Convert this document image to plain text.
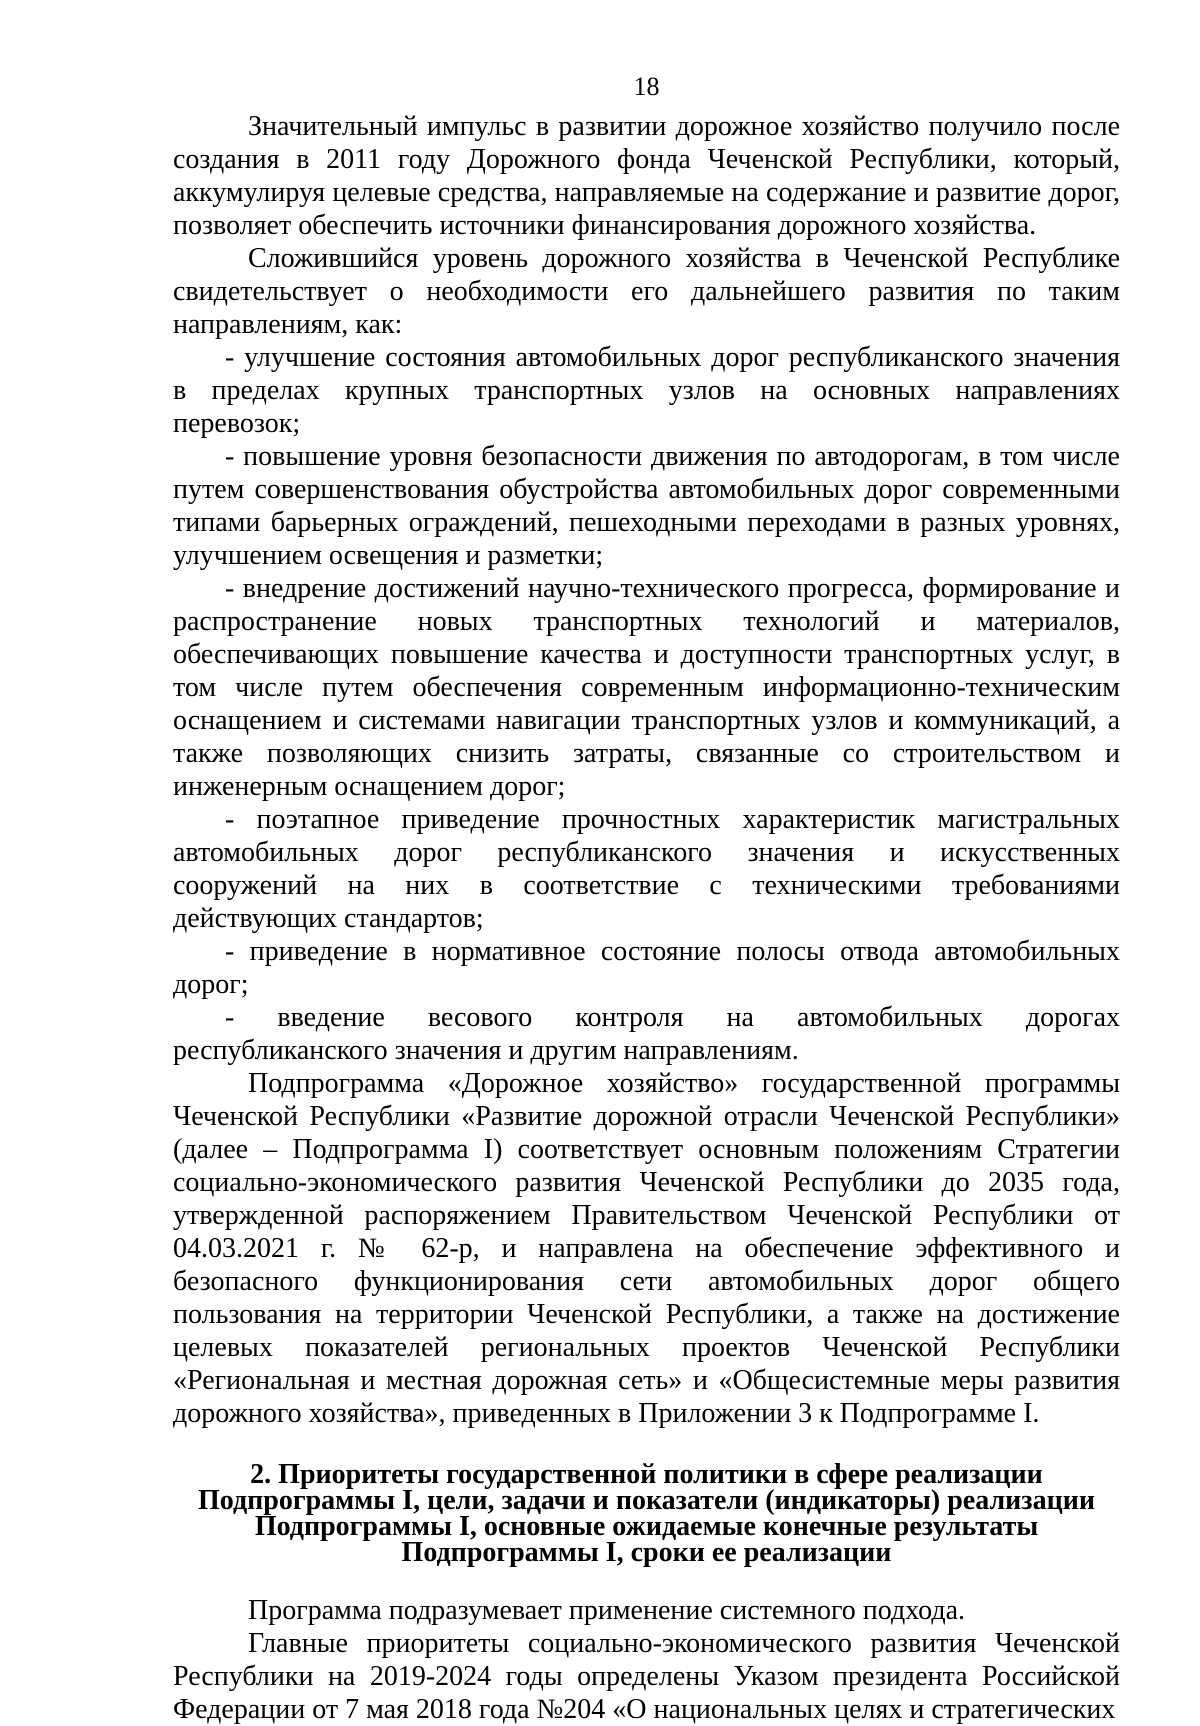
18

Значительный импульс в развитии дорожное хозяйство получило после создания в 2011 году Дорожного фонда Чеченской Республики, который, аккумулируя целевые средства, направляемые на содержание и развитие дорог, позволяет обеспечить источники финансирования дорожного хозяйства.

Сложившийся уровень дорожного хозяйства в Чеченской Республике свидетельствует о необходимости его дальнейшего развития по таким направлениям, как:

- улучшение состояния автомобильных дорог республиканского значения в пределах крупных транспортных узлов на основных направлениях перевозок;

- повышение уровня безопасности движения по автодорогам, в том числе путем совершенствования обустройства автомобильных дорог современными типами барьерных ограждений, пешеходными переходами в разных уровнях, улучшением освещения и разметки;

- внедрение достижений научно-технического прогресса, формирование и распространение новых транспортных технологий и материалов, обеспечивающих повышение качества и доступности транспортных услуг, в том числе путем обеспечения современным информационно-техническим оснащением и системами навигации транспортных узлов и коммуникаций, а также позволяющих снизить затраты, связанные со строительством и инженерным оснащением дорог;

- поэтапное приведение прочностных характеристик магистральных автомобильных дорог республиканского значения и искусственных сооружений на них в соответствие с техническими требованиями действующих стандартов;

- приведение в нормативное состояние полосы отвода автомобильных дорог;

- введение весового контроля на автомобильных дорогах республиканского значения и другим направлениям.

Подпрограмма «Дорожное хозяйство» государственной программы Чеченской Республики «Развитие дорожной отрасли Чеченской Республики» (далее – Подпрограмма I) соответствует основным положениям Стратегии социально-экономического развития Чеченской Республики до 2035 года, утвержденной распоряжением Правительством Чеченской Республики от 04.03.2021 г. № 62-р, и направлена на обеспечение эффективного и безопасного функционирования сети автомобильных дорог общего пользования на территории Чеченской Республики, а также на достижение целевых показателей региональных проектов Чеченской Республики «Региональная и местная дорожная сеть» и «Общесистемные меры развития дорожного хозяйства», приведенных в Приложении 3 к Подпрограмме I.

2. Приоритеты государственной политики в сфере реализации
Подпрограммы I, цели, задачи и показатели (индикаторы) реализации
Подпрограммы I, основные ожидаемые конечные результаты
Подпрограммы I, сроки ее реализации

Программа подразумевает применение системного подхода.

Главные приоритеты социально-экономического развития Чеченской Республики на 2019-2024 годы определены Указом президента Российской Федерации от 7 мая 2018 года №204 «О национальных целях и стратегических
